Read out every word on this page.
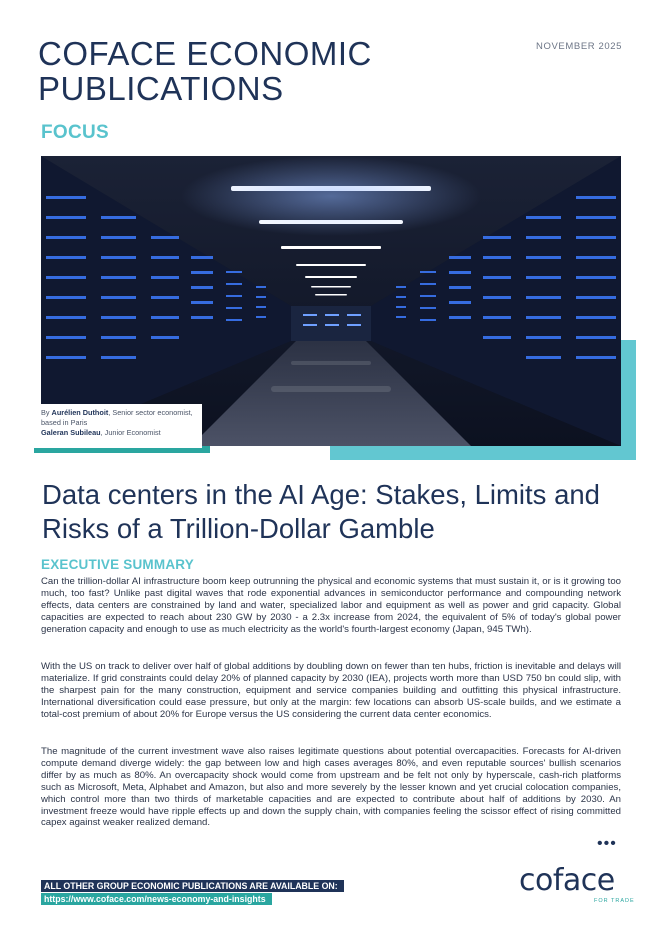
COFACE ECONOMIC PUBLICATIONS
NOVEMBER 2025
FOCUS
By Aurélien Duthoit, Senior sector economist, based in Paris
Galeran Subileau, Junior Economist
Data centers in the AI Age: Stakes, Limits and Risks of a Trillion-Dollar Gamble
EXECUTIVE SUMMARY
Can the trillion-dollar AI infrastructure boom keep outrunning the physical and economic systems that must sustain it, or is it growing too much, too fast? Unlike past digital waves that rode exponential advances in semiconductor performance and compounding network effects, data centers are constrained by land and water, specialized labor and equipment as well as power and grid capacity. Global capacities are expected to reach about 230 GW by 2030 - a 2.3x increase from 2024, the equivalent of 5% of today's global power generation capacity and enough to use as much electricity as the world's fourth-largest economy (Japan, 945 TWh).
With the US on track to deliver over half of global additions by doubling down on fewer than ten hubs, friction is inevitable and delays will materialize. If grid constraints could delay 20% of planned capacity by 2030 (IEA), projects worth more than USD 750 bn could slip, with the sharpest pain for the many construction, equipment and service companies building and outfitting this physical infrastructure. International diversification could ease pressure, but only at the margin: few locations can absorb US-scale builds, and we estimate a total-cost premium of about 20% for Europe versus the US considering the current data center economics.
The magnitude of the current investment wave also raises legitimate questions about potential overcapacities. Forecasts for AI-driven compute demand diverge widely: the gap between low and high cases averages 80%, and even reputable sources' bullish scenarios differ by as much as 80%. An overcapacity shock would come from upstream and be felt not only by hyperscale, cash-rich platforms such as Microsoft, Meta, Alphabet and Amazon, but also and more severely by the lesser known and yet crucial colocation companies, which control more than two thirds of marketable capacities and are expected to contribute about half of additions by 2030. An investment freeze would have ripple effects up and down the supply chain, with companies feeling the scissor effect of rising committed capex against weaker realized demand.
•••
ALL OTHER GROUP ECONOMIC PUBLICATIONS ARE AVAILABLE ON:
https://www.coface.com/news-economy-and-insights
coface
FOR TRADE
